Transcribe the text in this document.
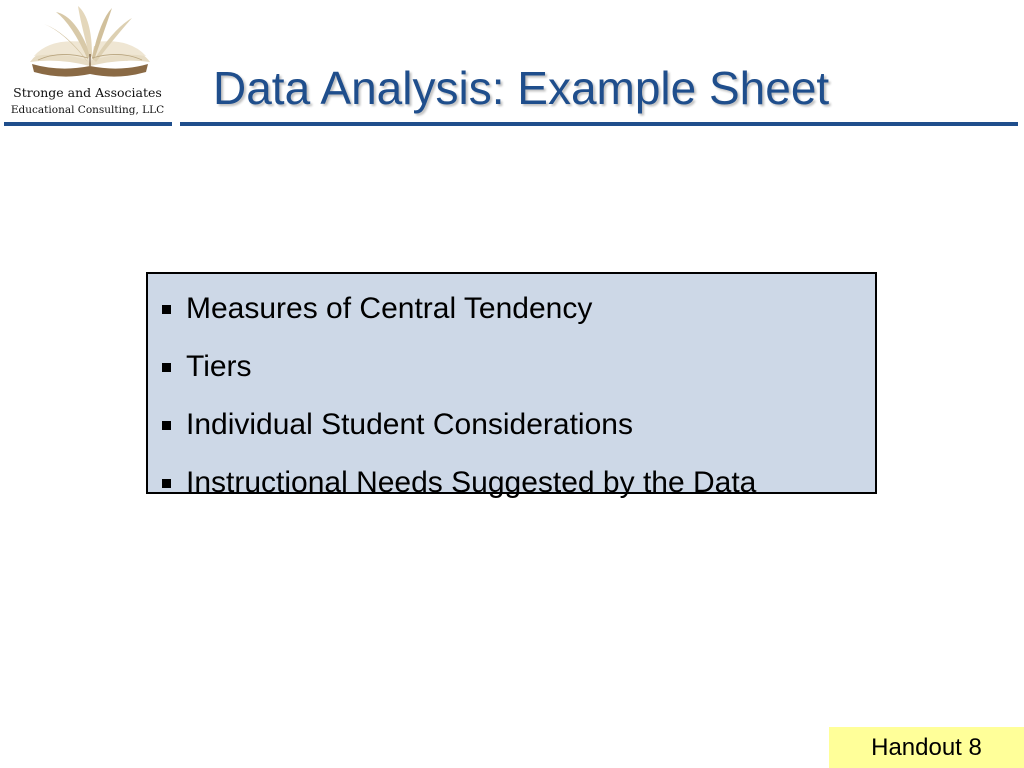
Stronge and Associates
Educational Consulting, LLC Data Analysis: Example Sheet
Measures of Central Tendency
Tiers
Individual Student Considerations
Instructional Needs Suggested by the Data
Handout 8
